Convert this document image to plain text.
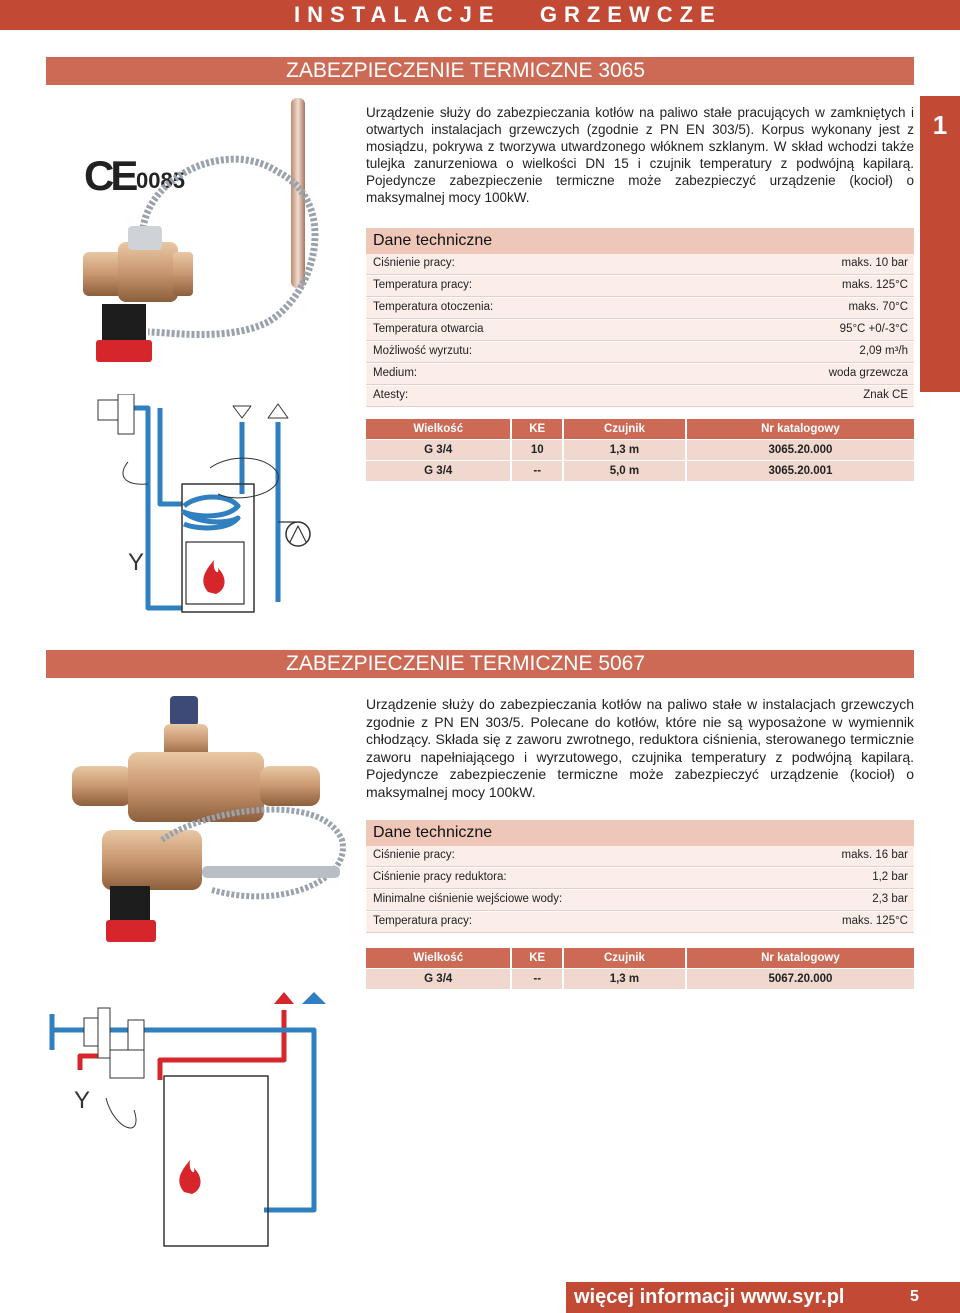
INSTALACJE   GRZEWCZE
1
ZABEZPIECZENIE TERMICZNE 3065
CE 0085
Urządzenie służy do zabezpieczania kotłów na paliwo stałe pracujących w zamkniętych i otwartych instalacjach grzewczych (zgodnie z PN EN 303/5). Korpus wykonany jest z mosiądzu, pokrywa z tworzywa utwardzonego włóknem szklanym. W skład wchodzi także tulejka zanurzeniowa o wielkości DN 15 i czujnik temperatury z podwójną kapilarą. Pojedyncze zabezpieczenie termiczne może zabezpieczyć urządzenie (kocioł) o maksymalnej mocy 100kW.
Dane techniczne
Ciśnienie pracy:	maks. 10 bar
Temperatura pracy:	maks. 125°C
Temperatura otoczenia:	maks. 70°C
Temperatura otwarcia	95°C +0/-3°C
Możliwość wyrzutu:	2,09 m³/h
Medium:	woda grzewcza
Atesty:	Znak CE
Wielkość	KE	Czujnik	Nr katalogowy
G 3/4	10	1,3 m	3065.20.000
G 3/4	--	5,0 m	3065.20.001
Y
ZABEZPIECZENIE TERMICZNE 5067
Urządzenie służy do zabezpieczania kotłów na paliwo stałe w instalacjach grzewczych zgodnie z PN EN 303/5. Polecane do kotłów, które nie są wyposażone w wymiennik chłodzący. Składa się z zaworu zwrotnego, reduktora ciśnienia, sterowanego termicznie zaworu napełniającego i wyrzutowego, czujnika temperatury z podwójną kapilarą. Pojedyncze zabezpieczenie termiczne może zabezpieczyć urządzenie (kocioł) o maksymalnej mocy 100kW.
Dane techniczne
Ciśnienie pracy:	maks. 16 bar
Ciśnienie pracy reduktora:	1,2 bar
Minimalne ciśnienie wejściowe wody:	2,3 bar
Temperatura pracy:	maks. 125°C
Wielkość	KE	Czujnik	Nr katalogowy
G 3/4	--	1,3 m	5067.20.000
Y
więcej informacji www.syr.pl	5
